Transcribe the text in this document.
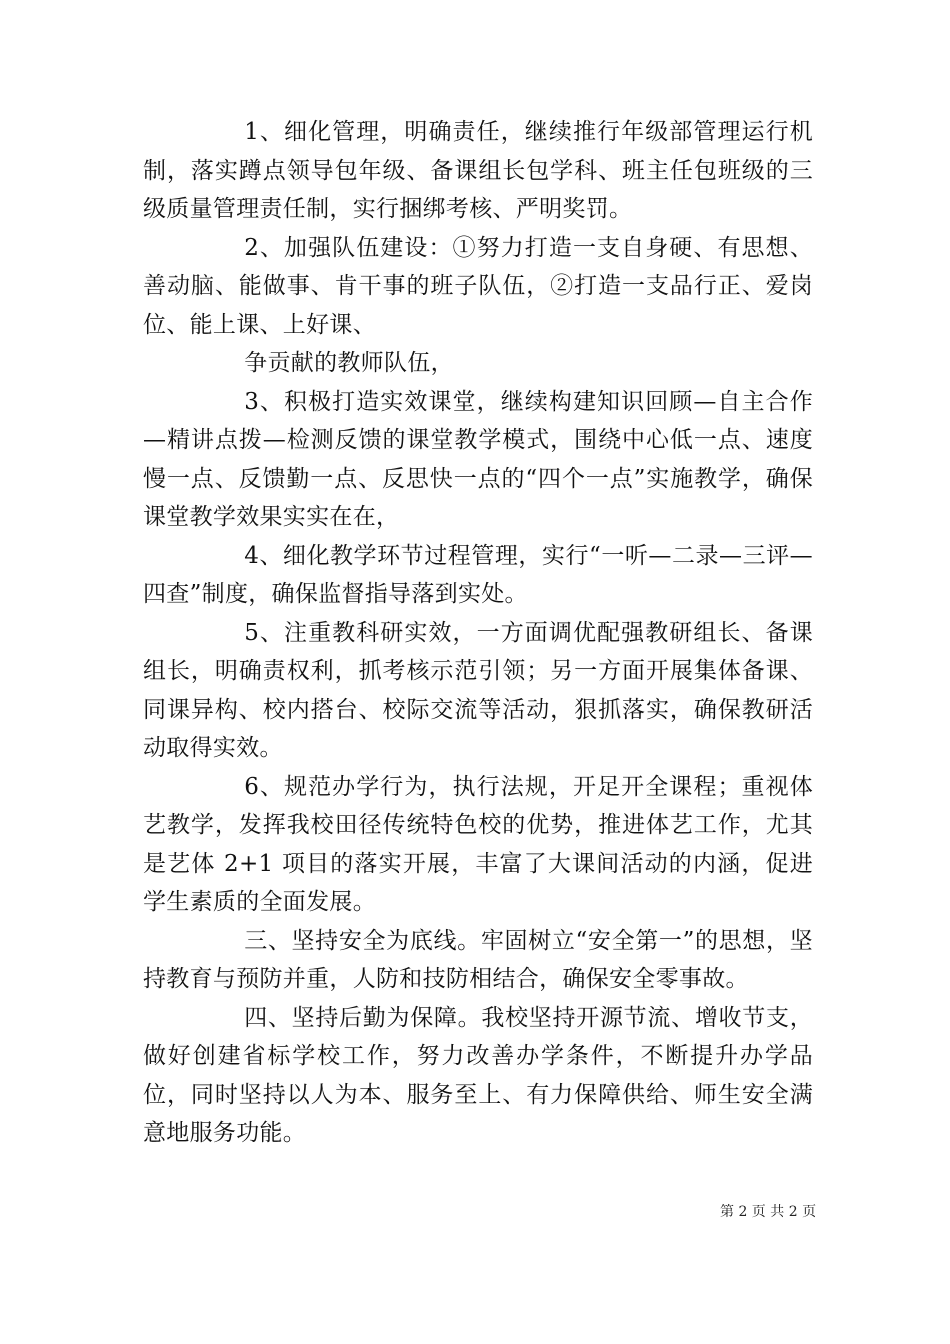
1、细化管理，明确责任，继续推行年级部管理运行机制，落实蹲点领导包年级、备课组长包学科、班主任包班级的三级质量管理责任制，实行捆绑考核、严明奖罚。

2、加强队伍建设：①努力打造一支自身硬、有思想、善动脑、能做事、肯干事的班子队伍，②打造一支品行正、爱岗位、能上课、上好课、

争贡献的教师队伍，

3、积极打造实效课堂，继续构建知识回顾—自主合作—精讲点拨—检测反馈的课堂教学模式，围绕中心低一点、速度慢一点、反馈勤一点、反思快一点的“四个一点”实施教学，确保课堂教学效果实实在在，

4、细化教学环节过程管理，实行“一听—二录—三评—四查”制度，确保监督指导落到实处。

5、注重教科研实效，一方面调优配强教研组长、备课组长，明确责权利，抓考核示范引领；另一方面开展集体备课、同课异构、校内搭台、校际交流等活动，狠抓落实，确保教研活动取得实效。

6、规范办学行为，执行法规，开足开全课程；重视体艺教学，发挥我校田径传统特色校的优势，推进体艺工作，尤其是艺体 2+1 项目的落实开展，丰富了大课间活动的内涵，促进学生素质的全面发展。

三、坚持安全为底线。牢固树立“安全第一”的思想，坚持教育与预防并重，人防和技防相结合，确保安全零事故。

四、坚持后勤为保障。我校坚持开源节流、增收节支，做好创建省标学校工作，努力改善办学条件，不断提升办学品位，同时坚持以人为本、服务至上、有力保障供给、师生安全满意地服务功能。

第 2 页 共 2 页
